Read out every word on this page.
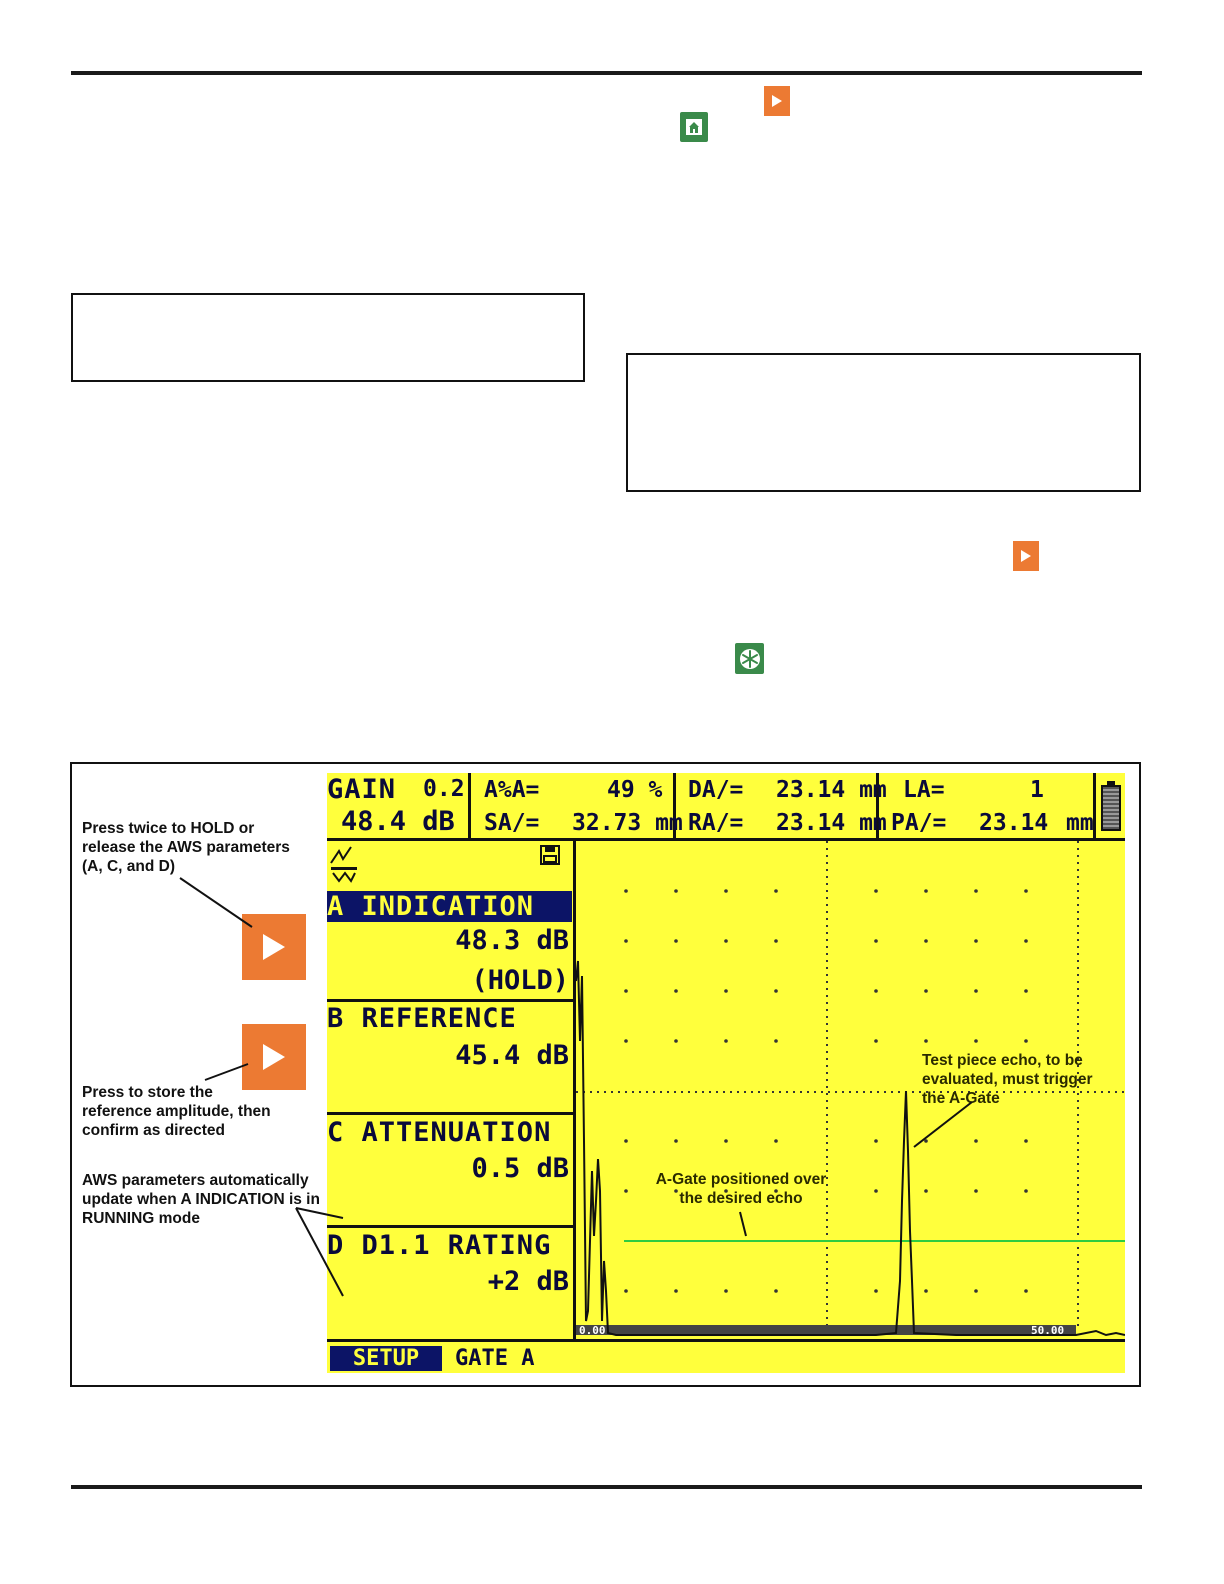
Press twice to HOLD or release the AWS parameters (A, C, and D)
Press to store the reference amplitude, then confirm as directed
AWS parameters automatically update when A INDICATION is in RUNNING mode
GAIN 0.2
48.4 dB
A%A=	49 % DA/= 23.14 mm LA=	1
SA/= 32.73 mm RA/= 23.14 mm PA/= 23.14 mm
A INDICATION
48.3 dB
(HOLD)
B REFERENCE
45.4 dB
C ATTENUATION
0.5 dB
D D1.1 RATING
+2 dB
SETUP	GATE A
0.00	50.00
Test piece echo, to be evaluated, must trigger the A-Gate
A-Gate positioned over the desired echo
